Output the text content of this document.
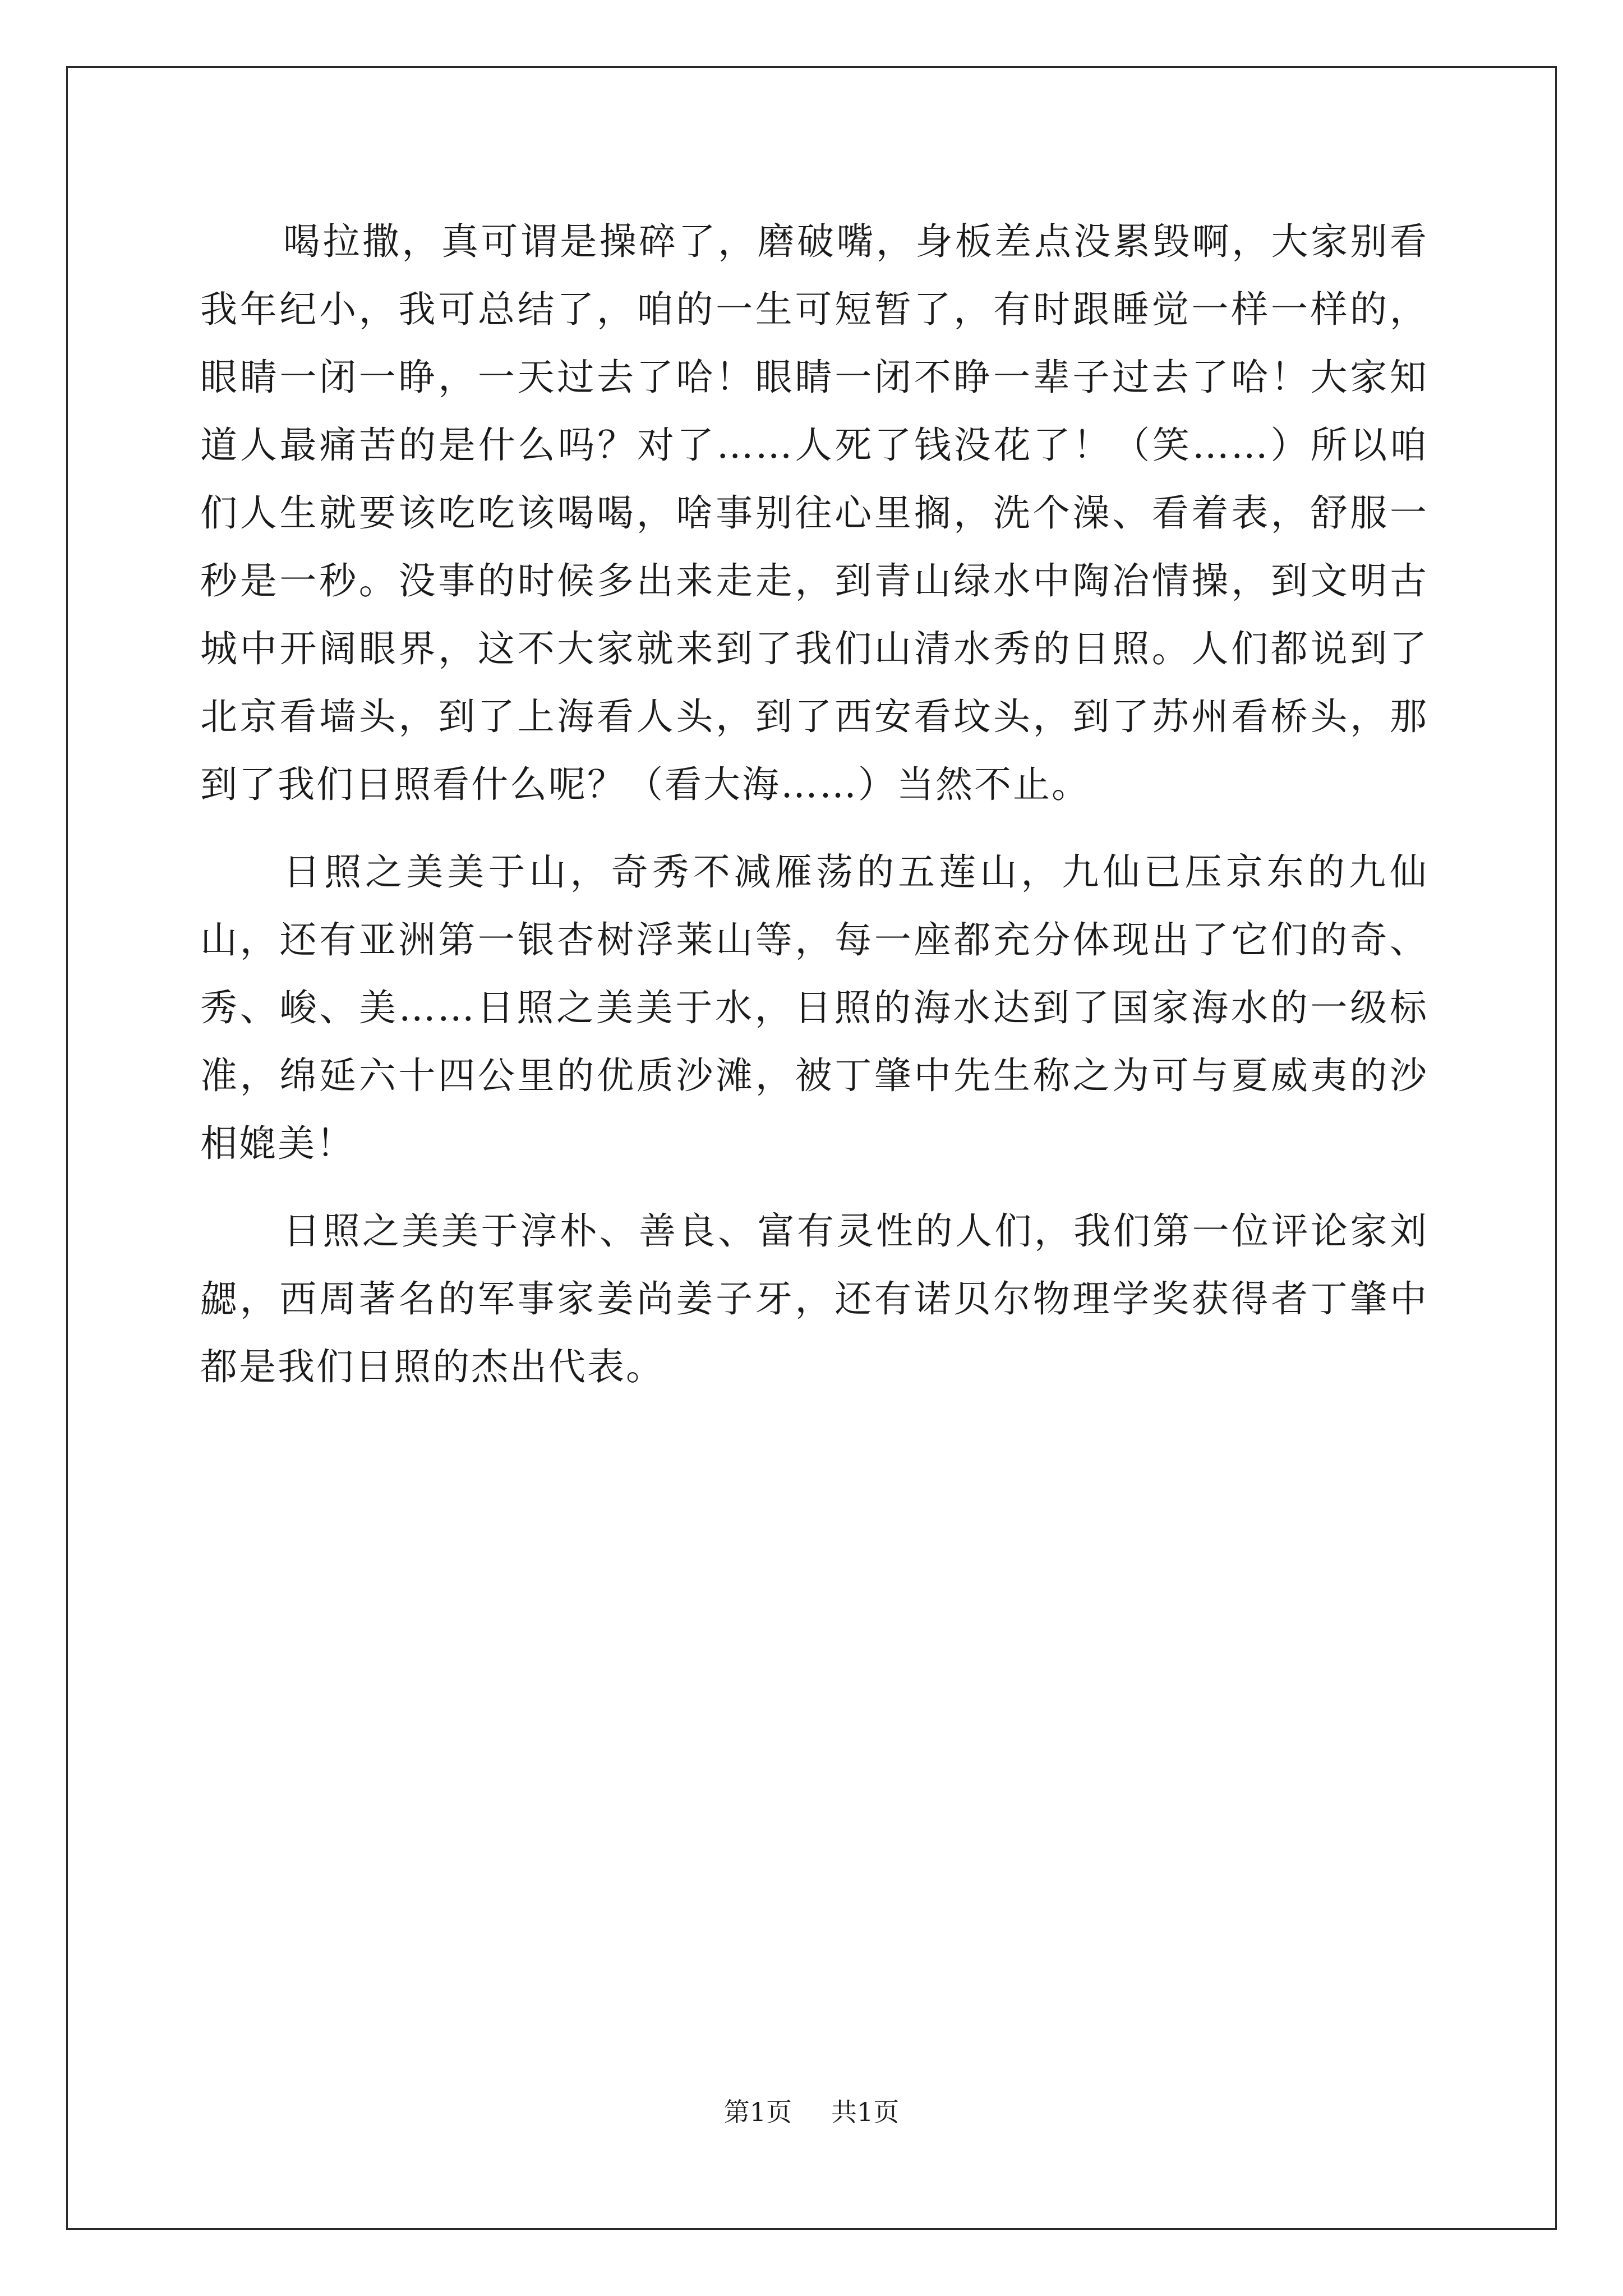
喝拉撒，真可谓是操碎了，磨破嘴，身板差点没累毁啊，大家别看我年纪小，我可总结了，咱的一生可短暂了，有时跟睡觉一样一样的，眼睛一闭一睁，一天过去了哈！眼睛一闭不睁一辈子过去了哈！大家知道人最痛苦的是什么吗？对了……人死了钱没花了！（笑……）所以咱们人生就要该吃吃该喝喝，啥事别往心里搁，洗个澡、看着表，舒服一秒是一秒。没事的时候多出来走走，到青山绿水中陶冶情操，到文明古城中开阔眼界，这不大家就来到了我们山清水秀的日照。人们都说到了北京看墙头，到了上海看人头，到了西安看坟头，到了苏州看桥头，那到了我们日照看什么呢？（看大海……）当然不止。

日照之美美于山，奇秀不减雁荡的五莲山，九仙已压京东的九仙山，还有亚洲第一银杏树浮莱山等，每一座都充分体现出了它们的奇、秀、峻、美……日照之美美于水，日照的海水达到了国家海水的一级标准，绵延六十四公里的优质沙滩，被丁肇中先生称之为可与夏威夷的沙相媲美！

日照之美美于淳朴、善良、富有灵性的人们，我们第一位评论家刘勰，西周著名的军事家姜尚姜子牙，还有诺贝尔物理学奖获得者丁肇中都是我们日照的杰出代表。

第1页 共1页
